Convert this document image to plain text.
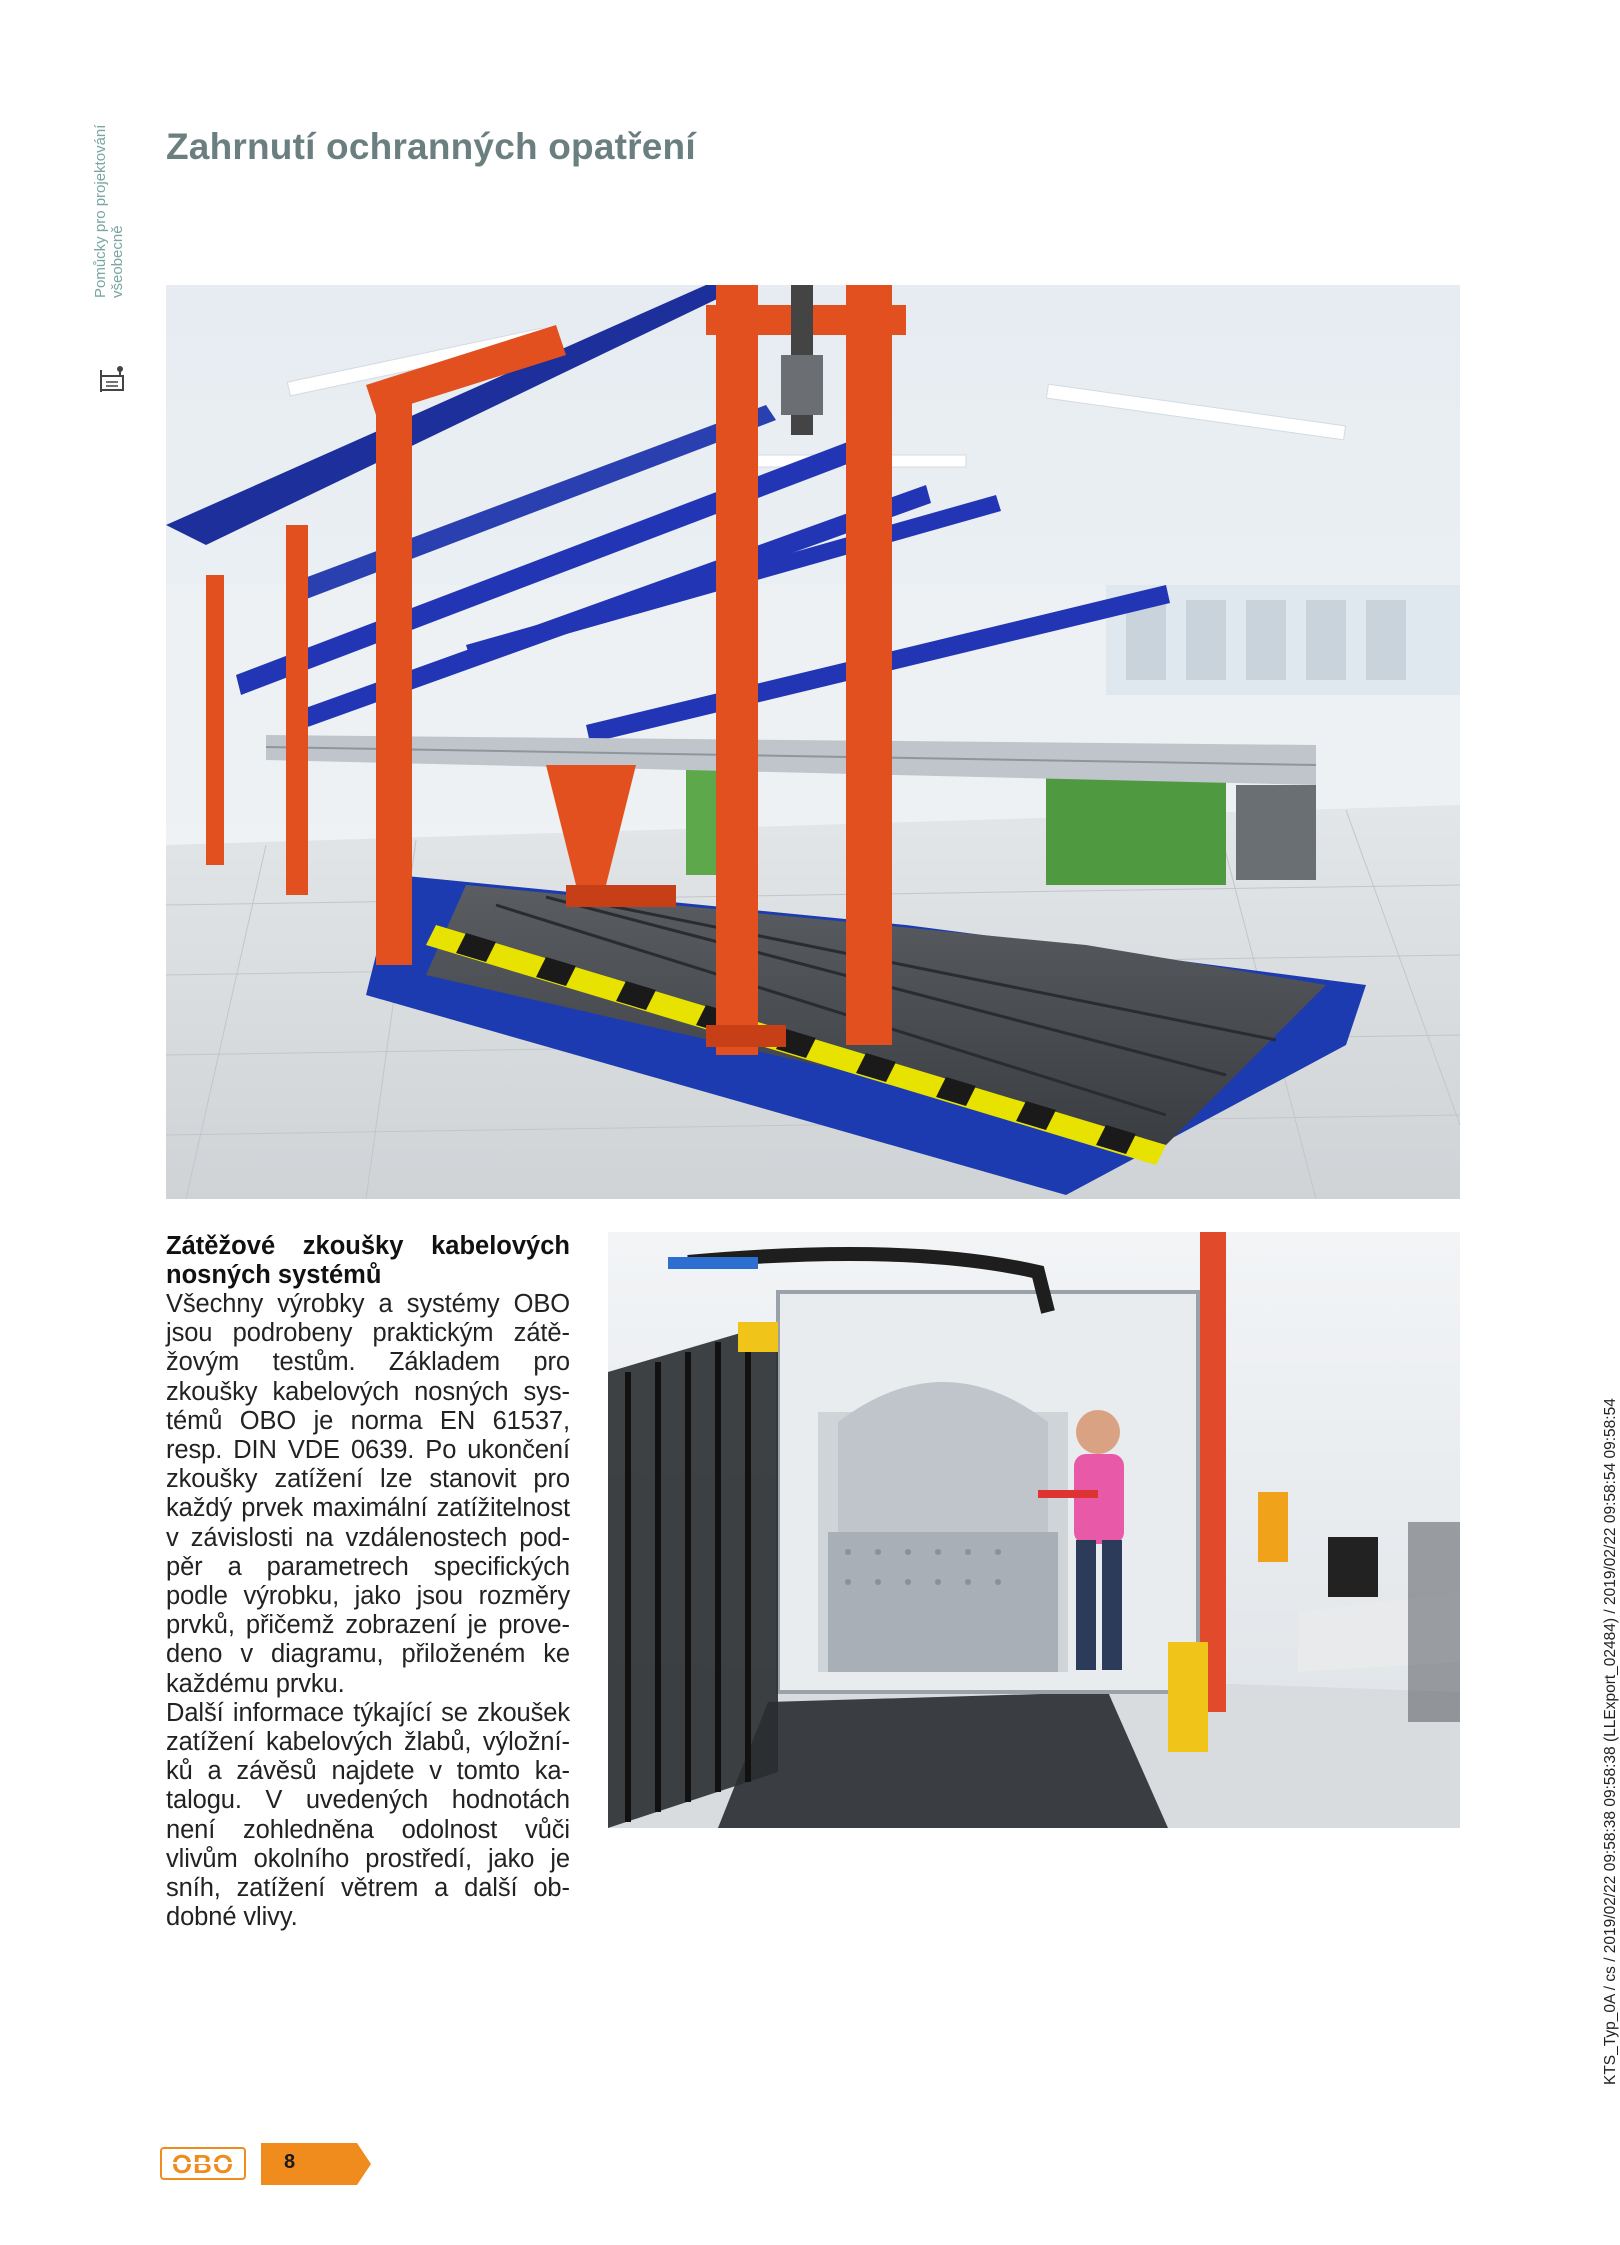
Pomůcky pro projektování všeobecně
Zahrnutí ochranných opatření
Zátěžové zkoušky kabelových nosných systémů

Všechny výrobky a systémy OBO jsou podrobeny praktickým zátěžovým testům. Základem pro zkoušky kabelových nosných systémů OBO je norma EN 61537, resp. DIN VDE 0639. Po ukončení zkoušky zatížení lze stanovit pro každý prvek maximální zatížitelnost v závislosti na vzdálenostech podpěr a parametrech specifických podle výrobku, jako jsou rozměry prvků, přičemž zobrazení je provedeno v diagramu, přiloženém ke každému prvku.

Další informace týkající se zkoušek zatížení kabelových žlabů, výložníků a závěsů najdete v tomto katalogu. V uvedených hodnotách není zohledněna odolnost vůči vlivům okolního prostředí, jako je sníh, zatížení větrem a další obdobné vlivy.

OBO 8
KTS_Typ_0A / cs / 2019/02/22 09:58:38 09:58:38 (LLExport_02484) / 2019/02/22 09:58:54 09:58:54
